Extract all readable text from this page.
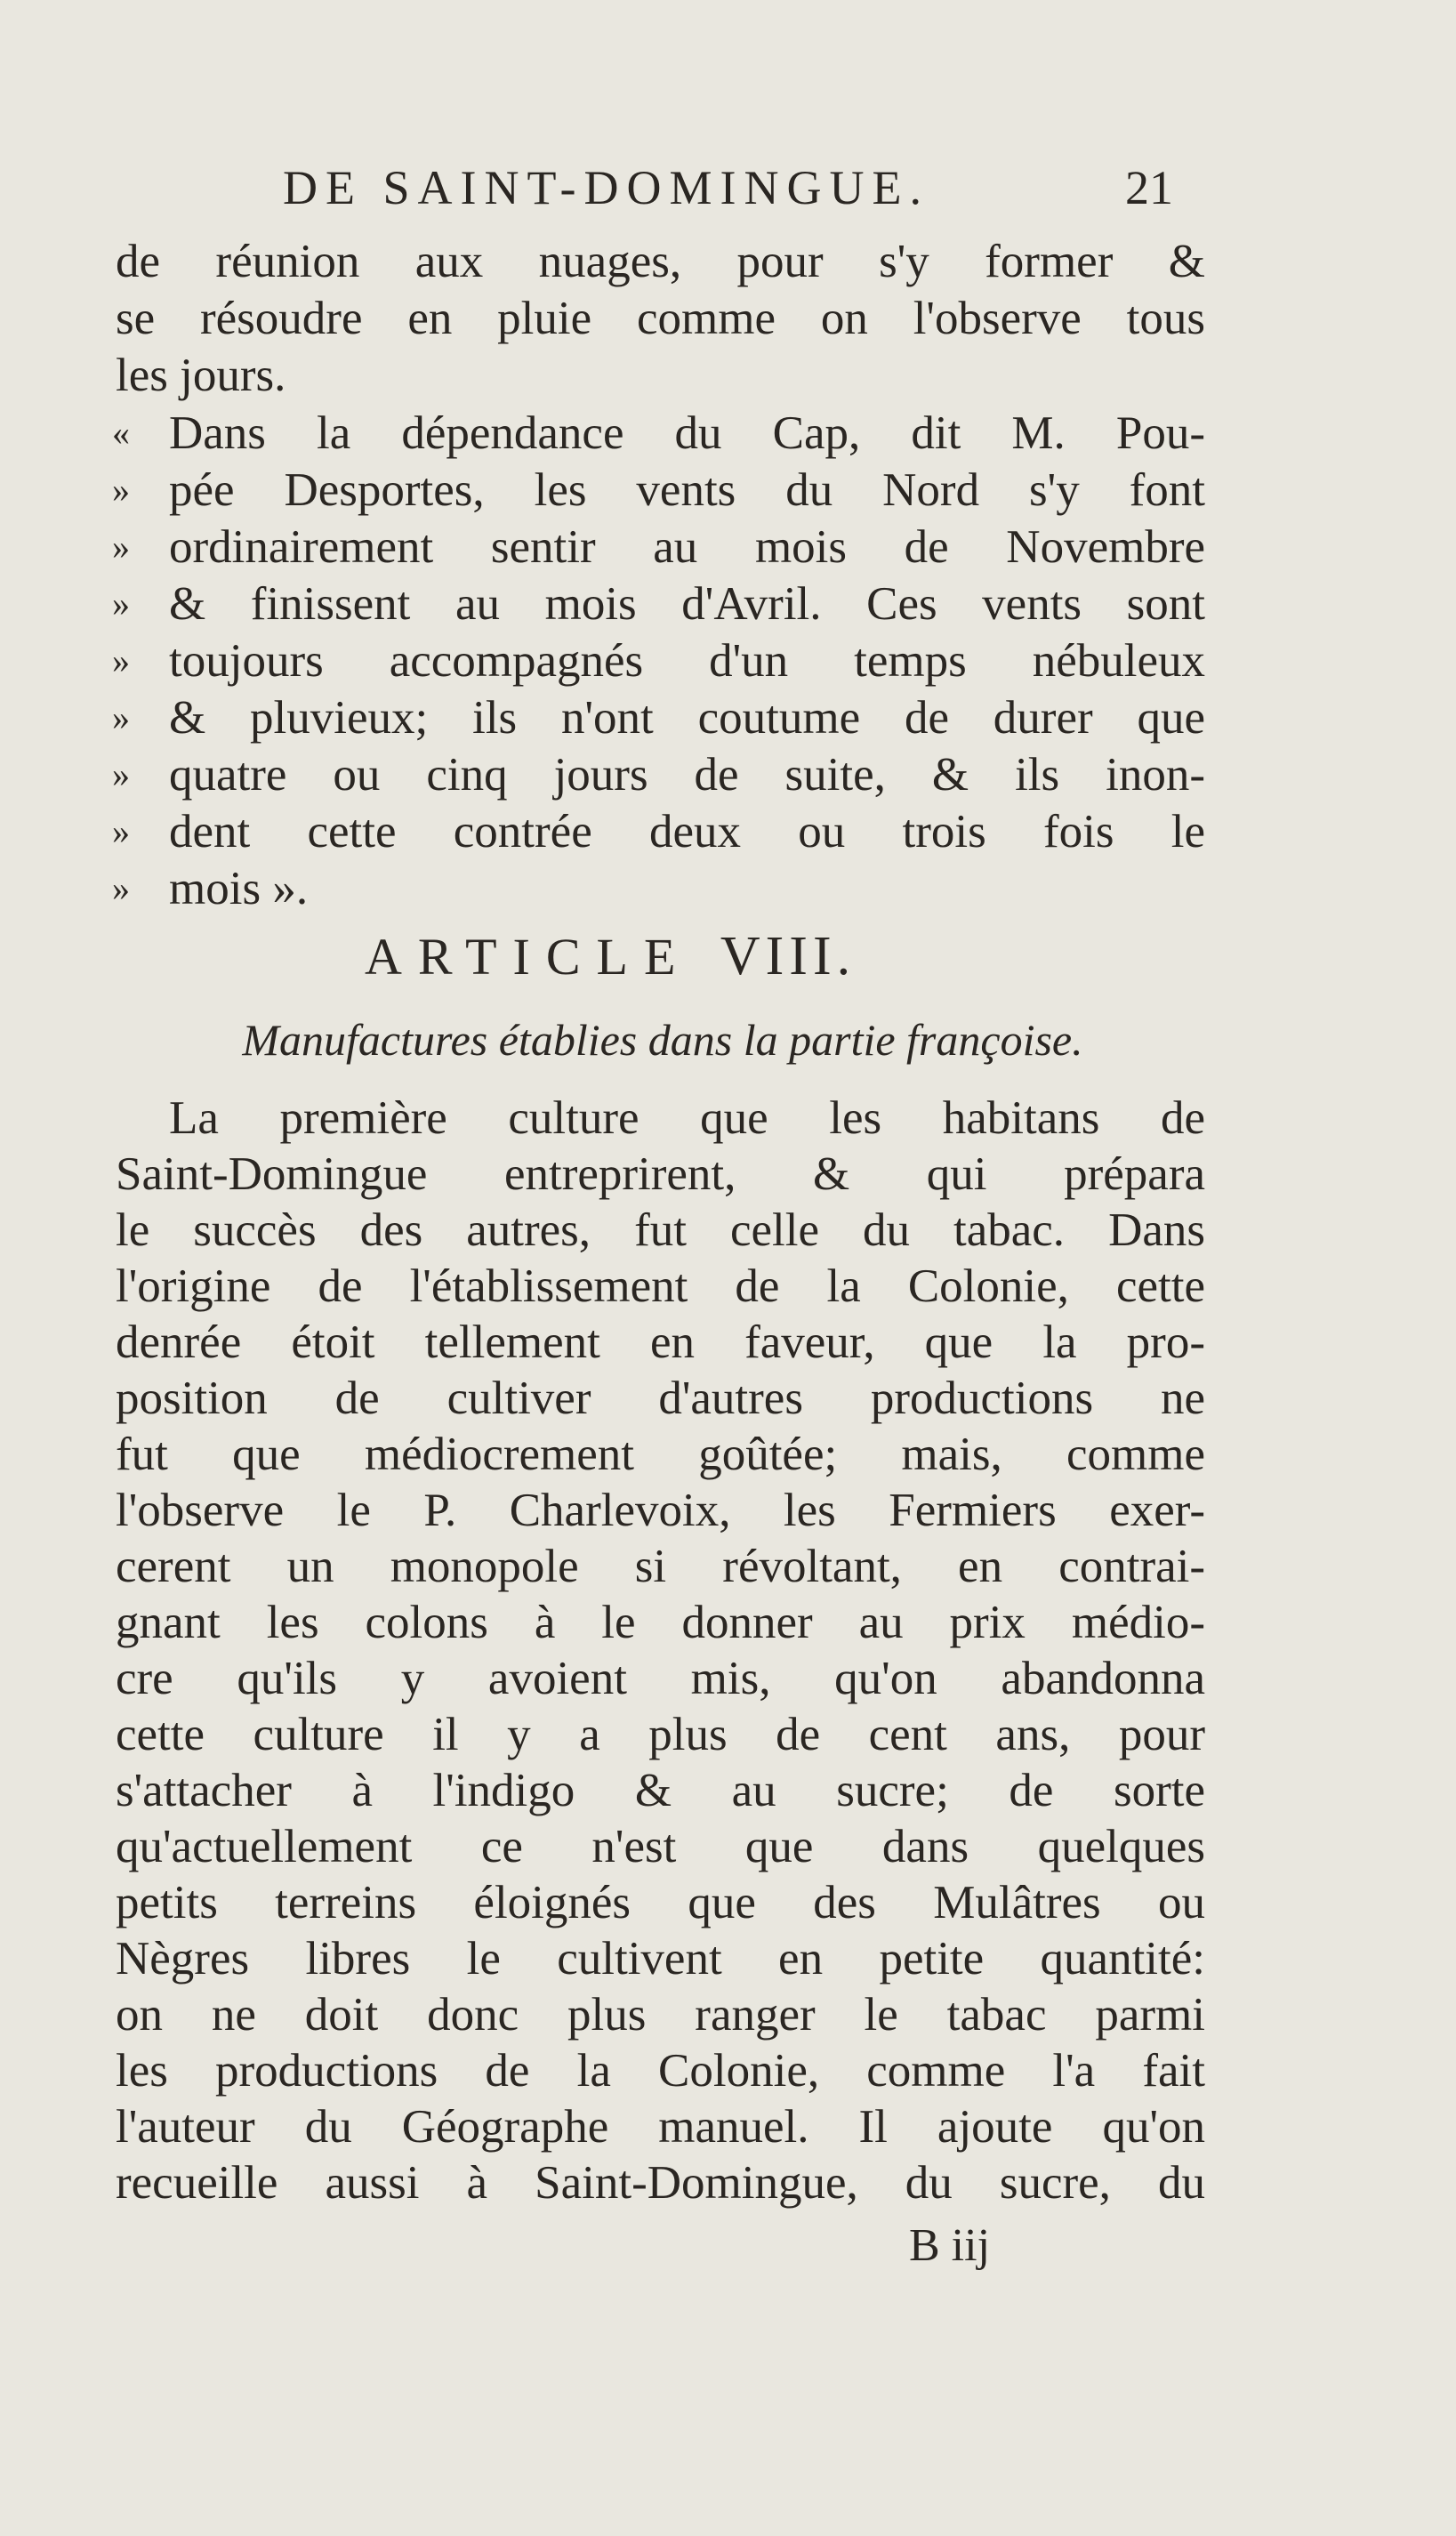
DE SAINT-DOMINGUE.	21
de réunion aux nuages, pour s'y former &
se résoudre en pluie comme on l'observe tous
les jours.
« Dans la dépendance du Cap, dit M. Pou-
» pée Desportes, les vents du Nord s'y font
» ordinairement sentir au mois de Novembre
» & finissent au mois d'Avril. Ces vents sont
» toujours accompagnés d'un temps nébuleux
» & pluvieux; ils n'ont coutume de durer que
» quatre ou cinq jours de suite, & ils inon-
» dent cette contrée deux ou trois fois le
» mois ».
ARTICLE VIII.
Manufactures établies dans la partie françoise.
La première culture que les habitans de
Saint-Domingue entreprirent, & qui prépara
le succès des autres, fut celle du tabac. Dans
l'origine de l'établissement de la Colonie, cette
denrée étoit tellement en faveur, que la pro-
position de cultiver d'autres productions ne
fut que médiocrement goûtée; mais, comme
l'observe le P. Charlevoix, les Fermiers exer-
cerent un monopole si révoltant, en contrai-
gnant les colons à le donner au prix médio-
cre qu'ils y avoient mis, qu'on abandonna
cette culture il y a plus de cent ans, pour
s'attacher à l'indigo & au sucre; de sorte
qu'actuellement ce n'est que dans quelques
petits terreins éloignés que des Mulâtres ou
Nègres libres le cultivent en petite quantité:
on ne doit donc plus ranger le tabac parmi
les productions de la Colonie, comme l'a fait
l'auteur du Géographe manuel. Il ajoute qu'on
recueille aussi à Saint-Domingue, du sucre, du
B iij
